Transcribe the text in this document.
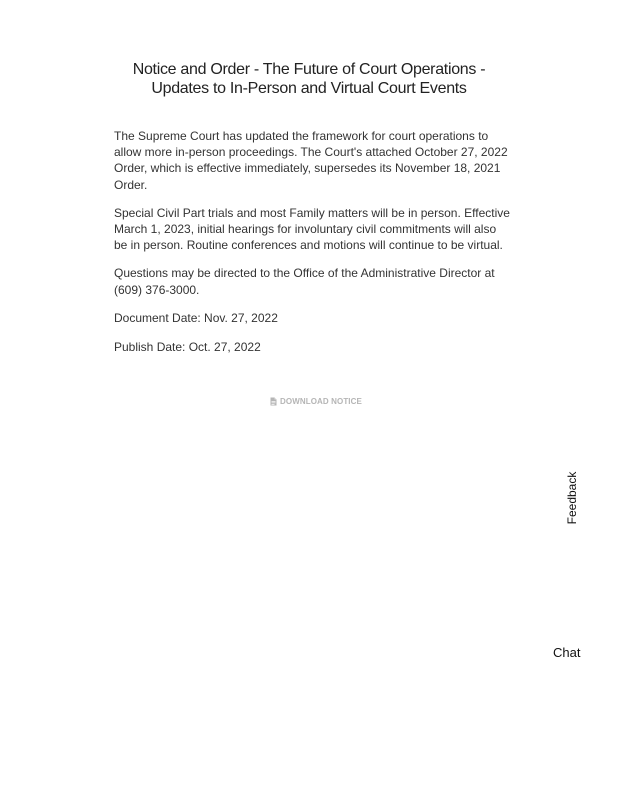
Notice and Order - The Future of Court Operations -
Updates to In-Person and Virtual Court Events

The Supreme Court has updated the framework for court operations to allow more in-person proceedings. The Court's attached October 27, 2022 Order, which is effective immediately, supersedes its November 18, 2021 Order.

Special Civil Part trials and most Family matters will be in person. Effective March 1, 2023, initial hearings for involuntary civil commitments will also be in person. Routine conferences and motions will continue to be virtual.

Questions may be directed to the Office of the Administrative Director at (609) 376-3000.

Document Date: Nov. 27, 2022

Publish Date: Oct. 27, 2022

DOWNLOAD NOTICE
Feedback
Chat
